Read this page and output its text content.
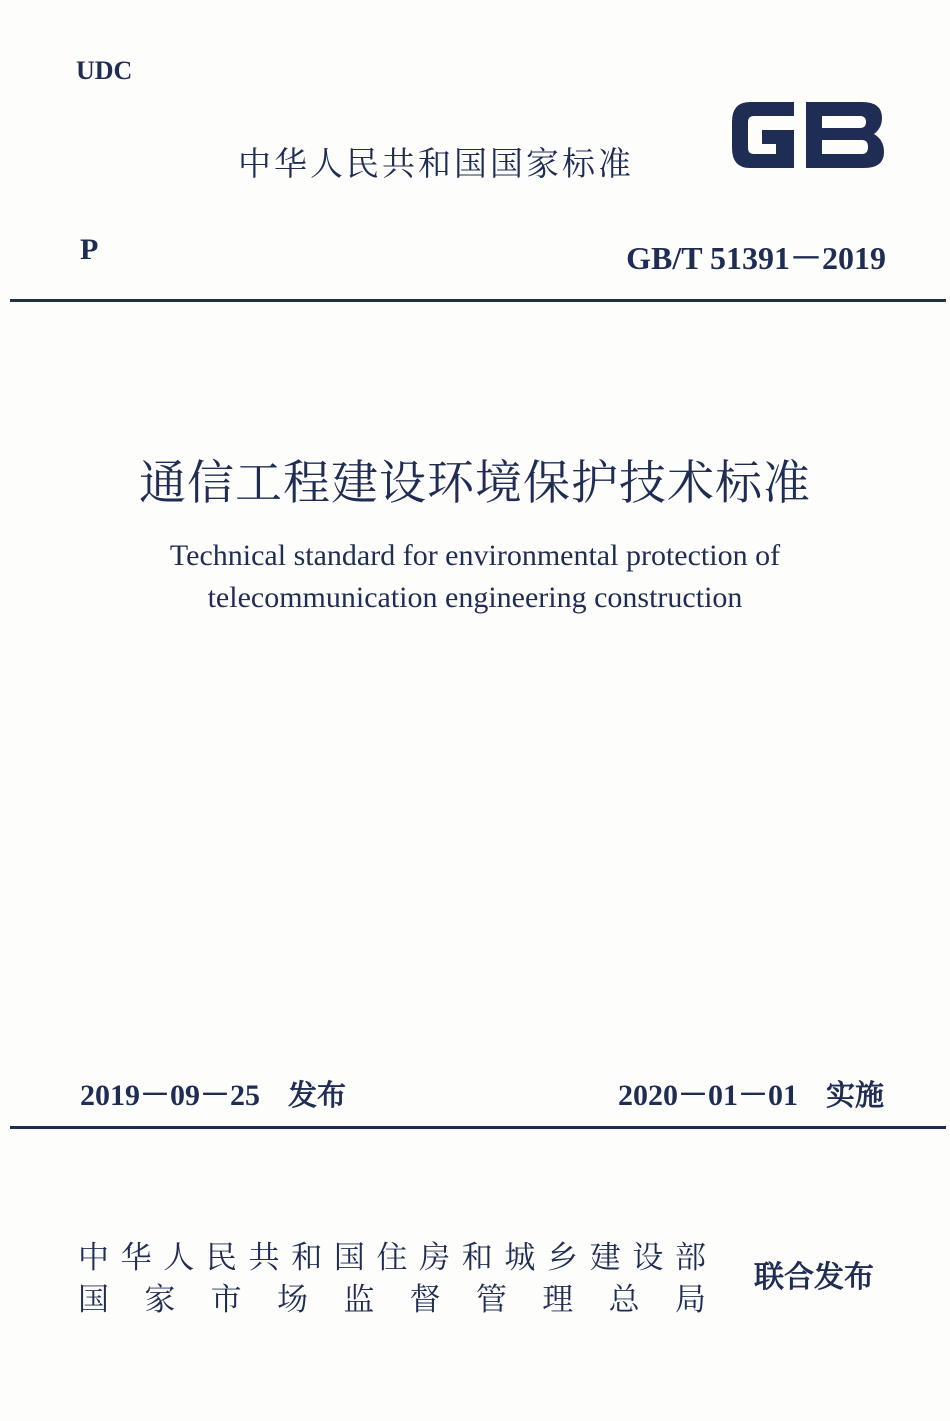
UDC
中华人民共和国国家标准
P	GB/T 51391－2019
通信工程建设环境保护技术标准
Technical standard for environmental protection of
telecommunication engineering construction
2019－09－25 发布	2020－01－01 实施
中 华 人 民 共 和 国 住 房 和 城 乡 建 设 部
国 家 市 场 监 督 管 理 总 局
联合发布
